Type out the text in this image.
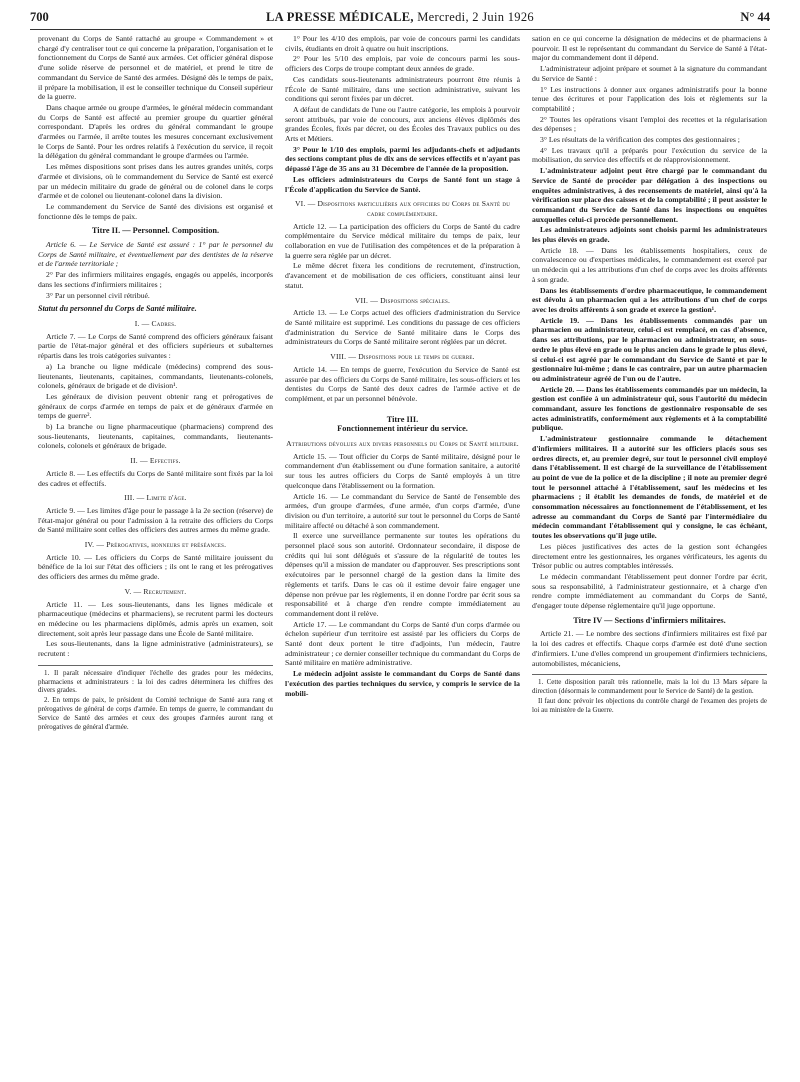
700	LA PRESSE MÉDICALE, Mercredi, 2 Juin 1926	N° 44

provenant du Corps de Santé rattaché au groupe « Commandement » et chargé d'y centraliser tout ce qui concerne la préparation, l'organisation et le fonctionnement du Corps de Santé aux armées. Cet officier général dispose d'une solide réserve de personnel et de matériel, et prend le titre de commandant du Service de Santé des armées. Désigné dès le temps de paix, il prépare la mobilisation, il est le conseiller technique du Conseil supérieur de la guerre.

Dans chaque armée ou groupe d'armées, le général médecin commandant du Corps de Santé est affecté au premier groupe du quartier général correspondant. D'après les ordres du général commandant le groupe d'armées ou l'armée, il arrête toutes les mesures concernant exclusivement le Corps de Santé. Pour les ordres relatifs à l'exécution du service, il reçoit la délégation du général commandant le groupe d'armées ou l'armée.

Les mêmes dispositions sont prises dans les autres grandes unités, corps d'armée et divisions, où le commandement du Service de Santé est exercé par un médecin militaire du grade de général ou de colonel dans le corps d'armée et de colonel ou lieutenant-colonel dans la division.

Le commandement du Service de Santé des divisions est organisé et fonctionne dès le temps de paix.

Titre II. — Personnel. Composition.

Article 6. — Le Service de Santé est assuré : 1° par le personnel du Corps de Santé militaire, et éventuellement par des dentistes de la réserve et de l'armée territoriale ;

2° Par des infirmiers militaires engagés, engagés ou appelés, incorporés dans les sections d'infirmiers militaires ;

3° Par un personnel civil rétribué.

Statut du personnel du Corps de Santé militaire.
I. — Cadres.

Article 7. — Le Corps de Santé comprend des officiers généraux faisant partie de l'état-major général et des officiers supérieurs et subalternes répartis dans les trois catégories suivantes :

a) La branche ou ligne médicale (médecins) comprend des sous-lieutenants, lieutenants, capitaines, commandants, lieutenants-colonels, colonels, généraux de brigade et de division¹.

Les généraux de division peuvent obtenir rang et prérogatives de généraux de corps d'armée en temps de paix et de généraux d'armée en temps de guerre².

b) La branche ou ligne pharmaceutique (pharmaciens) comprend des sous-lieutenants, lieutenants, capitaines, commandants, lieutenants-colonels, colonels et généraux de brigade.

II. — Effectifs.

Article 8. — Les effectifs du Corps de Santé militaire sont fixés par la loi des cadres et effectifs.

III. — Limite d'âge.

Article 9. — Les limites d'âge pour le passage à la 2e section (réserve) de l'état-major général ou pour l'admission à la retraite des officiers du Corps de Santé militaire sont celles des officiers des autres armes du même grade.

IV. — Prérogatives, honneurs et préséances.

Article 10. — Les officiers du Corps de Santé militaire jouissent du bénéfice de la loi sur l'état des officiers ; ils ont le rang et les prérogatives des officiers des armes du même grade.

V. — Recrutement.

Article 11. — Les sous-lieutenants, dans les lignes médicale et pharmaceutique (médecins et pharmaciens), se recrutent parmi les docteurs en médecine ou les pharmaciens diplômés, admis après un examen, soit directement, soit après leur passage dans une École de Santé militaire.

Les sous-lieutenants, dans la ligne administrative (administrateurs), se recrutent :

1. Il paraît nécessaire d'indiquer l'échelle des grades pour les médecins, pharmaciens et administrateurs : la loi des cadres déterminera les chiffres des divers grades.

2. En temps de paix, le président du Comité technique de Santé aura rang et prérogatives de général de corps d'armée. En temps de guerre, le commandant du Service de Santé des armées et ceux des groupes d'armées auront rang et prérogatives de général d'armée.

1° Pour les 4/10 des emplois, par voie de concours parmi les candidats civils, étudiants en droit à quatre ou huit inscriptions.

2° Pour les 5/10 des emplois, par voie de concours parmi les sous-officiers des Corps de troupe comptant deux années de grade.

Ces candidats sous-lieutenants administrateurs pourront être réunis à l'École de Santé militaire, dans une section administrative, suivant les conditions qui seront fixées par un décret.

A défaut de candidats de l'une ou l'autre catégorie, les emplois à pourvoir seront attribués, par voie de concours, aux anciens élèves diplômés des grandes Écoles, fixés par décret, ou des Écoles des Travaux publics ou des Arts et Métiers.

3° Pour le 1/10 des emplois, parmi les adjudants-chefs et adjudants des sections comptant plus de dix ans de services effectifs et n'ayant pas dépassé l'âge de 35 ans au 31 Décembre de l'année de la proposition.

Les officiers administrateurs du Corps de Santé font un stage à l'École d'application du Service de Santé.

VI. — Dispositions particulières aux officiers du Corps de Santé du cadre complémentaire.

Article 12. — La participation des officiers du Corps de Santé du cadre complémentaire du Service médical militaire du temps de paix, leur collaboration en vue de l'utilisation des compétences et de la préparation à la guerre sera réglée par un décret.

Le même décret fixera les conditions de recrutement, d'instruction, d'avancement et de mobilisation de ces officiers, constituant ainsi leur statut.

VII. — Dispositions spéciales.

Article 13. — Le Corps actuel des officiers d'administration du Service de Santé militaire est supprimé. Les conditions du passage de ces officiers d'administration du Service de Santé militaire dans le Corps des administrateurs du Corps de Santé militaire seront réglées par un décret.

VIII. — Dispositions pour le temps de guerre.

Article 14. — En temps de guerre, l'exécution du Service de Santé est assurée par des officiers du Corps de Santé militaire, les sous-officiers et les dentistes du Corps de Santé des deux cadres de l'armée active et de complément, et par un personnel bénévole.

Titre III.
Fonctionnement intérieur du service.
Attributions dévolues aux divers personnels du Corps de Santé militaire.

Article 15. — Tout officier du Corps de Santé militaire, désigné pour le commandement d'un établissement ou d'une formation sanitaire, a autorité sur tous les autres officiers du Corps de Santé employés à un titre quelconque dans l'établissement ou la formation.

Article 16. — Le commandant du Service de Santé de l'ensemble des armées, d'un groupe d'armées, d'une armée, d'un corps d'armée, d'une division ou d'un territoire, a autorité sur tout le personnel du Corps de Santé militaire affecté ou détaché à son commandement.

Il exerce une surveillance permanente sur toutes les opérations du personnel placé sous son autorité. Ordonnateur secondaire, il dispose de crédits qui lui sont délégués et s'assure de la régularité de toutes les dépenses qu'il a mission de mandater ou d'approuver. Ses prescriptions sont exécutoires par le personnel chargé de la gestion dans la limite des règlements et tarifs. Dans le cas où il estime devoir faire engager une dépense non prévue par les règlements, il en donne l'ordre par écrit sous sa responsabilité et à charge d'en rendre compte immédiatement au commandement dont il relève.

Article 17. — Le commandant du Corps de Santé d'un corps d'armée ou échelon supérieur d'un territoire est assisté par les officiers du Corps de Santé dont deux portent le titre d'adjoints, l'un médecin, l'autre administrateur ; ce dernier conseiller technique du commandant du Corps de Santé militaire en matière administrative.

Le médecin adjoint assiste le commandant du Corps de Santé dans l'exécution des parties techniques du service, y compris le service de la mobili-

sation en ce qui concerne la désignation de médecins et de pharmaciens à pourvoir. Il est le représentant du commandant du Service de Santé à l'état-major du commandement dont il dépend.

L'administrateur adjoint prépare et soumet à la signature du commandant du Service de Santé :

1° Les instructions à donner aux organes administratifs pour la bonne tenue des écritures et pour l'application des lois et règlements sur la comptabilité ;

2° Toutes les opérations visant l'emploi des recettes et la régularisation des dépenses ;

3° Les résultats de la vérification des comptes des gestionnaires ;

4° Les travaux qu'il a préparés pour l'exécution du service de la mobilisation, du service des effectifs et de réapprovisionnement.

L'administrateur adjoint peut être chargé par le commandant du Service de Santé de procéder par délégation à des inspections ou enquêtes administratives, à des recensements de matériel, ainsi qu'à la vérification sur place des caisses et de la comptabilité ; il peut assister le commandant du Service de Santé dans les inspections ou enquêtes auxquelles celui-ci procède personnellement.

Les administrateurs adjoints sont choisis parmi les administrateurs les plus élevés en grade.

Article 18. — Dans les établissements hospitaliers, ceux de convalescence ou d'expertises médicales, le commandement est exercé par un médecin qui a les attributions d'un chef de corps avec les droits afférents à son grade.

Dans les établissements d'ordre pharmaceutique, le commandement est dévolu à un pharmacien qui a les attributions d'un chef de corps avec les droits afférents à son grade et exerce la gestion¹.

Article 19. — Dans les établissements commandés par un pharmacien ou administrateur, celui-ci est remplacé, en cas d'absence, dans ses attributions, par le pharmacien ou administrateur, en sous-ordre le plus élevé en grade ou le plus ancien dans le grade le plus élevé, si celui-ci est agréé par le commandant du Service de Santé et par le gestionnaire lui-même ; dans le cas contraire, par un autre pharmacien ou administrateur agréé de l'un ou de l'autre.

Article 20. — Dans les établissements commandés par un médecin, la gestion est confiée à un administrateur qui, sous l'autorité du médecin commandant, assure les fonctions de gestionnaire responsable de ses actes administratifs, conformément aux règlements et à la comptabilité publique.

L'administrateur gestionnaire commande le détachement d'infirmiers militaires. Il a autorité sur les officiers placés sous ses ordres directs, et, au premier degré, sur tout le personnel civil employé dans l'établissement. Il est chargé de la surveillance de l'établissement au point de vue de la police et de la discipline ; il note au premier degré tout le personnel attaché à l'établissement, sauf les médecins et les pharmaciens ; il établit les demandes de fonds, de matériel et de consommation nécessaires au fonctionnement de l'établissement, et les adresse au commandant du Corps de Santé par l'intermédiaire du médecin commandant l'établissement qui y consigne, le cas échéant, toutes les observations qu'il juge utile.

Les pièces justificatives des actes de la gestion sont échangées directement entre les gestionnaires, les organes vérificateurs, les agents du Trésor public ou autres comptables intéressés.

Le médecin commandant l'établissement peut donner l'ordre par écrit, sous sa responsabilité, à l'administrateur gestionnaire, et à charge d'en rendre compte immédiatement au commandant du Corps de Santé, d'engager toute dépense réglementaire qu'il juge opportune.

Titre IV — Sections d'infirmiers militaires.

Article 21. — Le nombre des sections d'infirmiers militaires est fixé par la loi des cadres et effectifs. Chaque corps d'armée est doté d'une section d'infirmiers. L'une d'elles comprend un groupement d'infirmiers techniciens, automobilistes, mécaniciens,

1. Cette disposition paraît très rationnelle, mais la loi du 13 Mars sépare la direction (désormais le commandement pour le Service de Santé) de la gestion.

Il faut donc prévoir les objections du contrôle chargé de l'examen des projets de loi au ministère de la Guerre.
